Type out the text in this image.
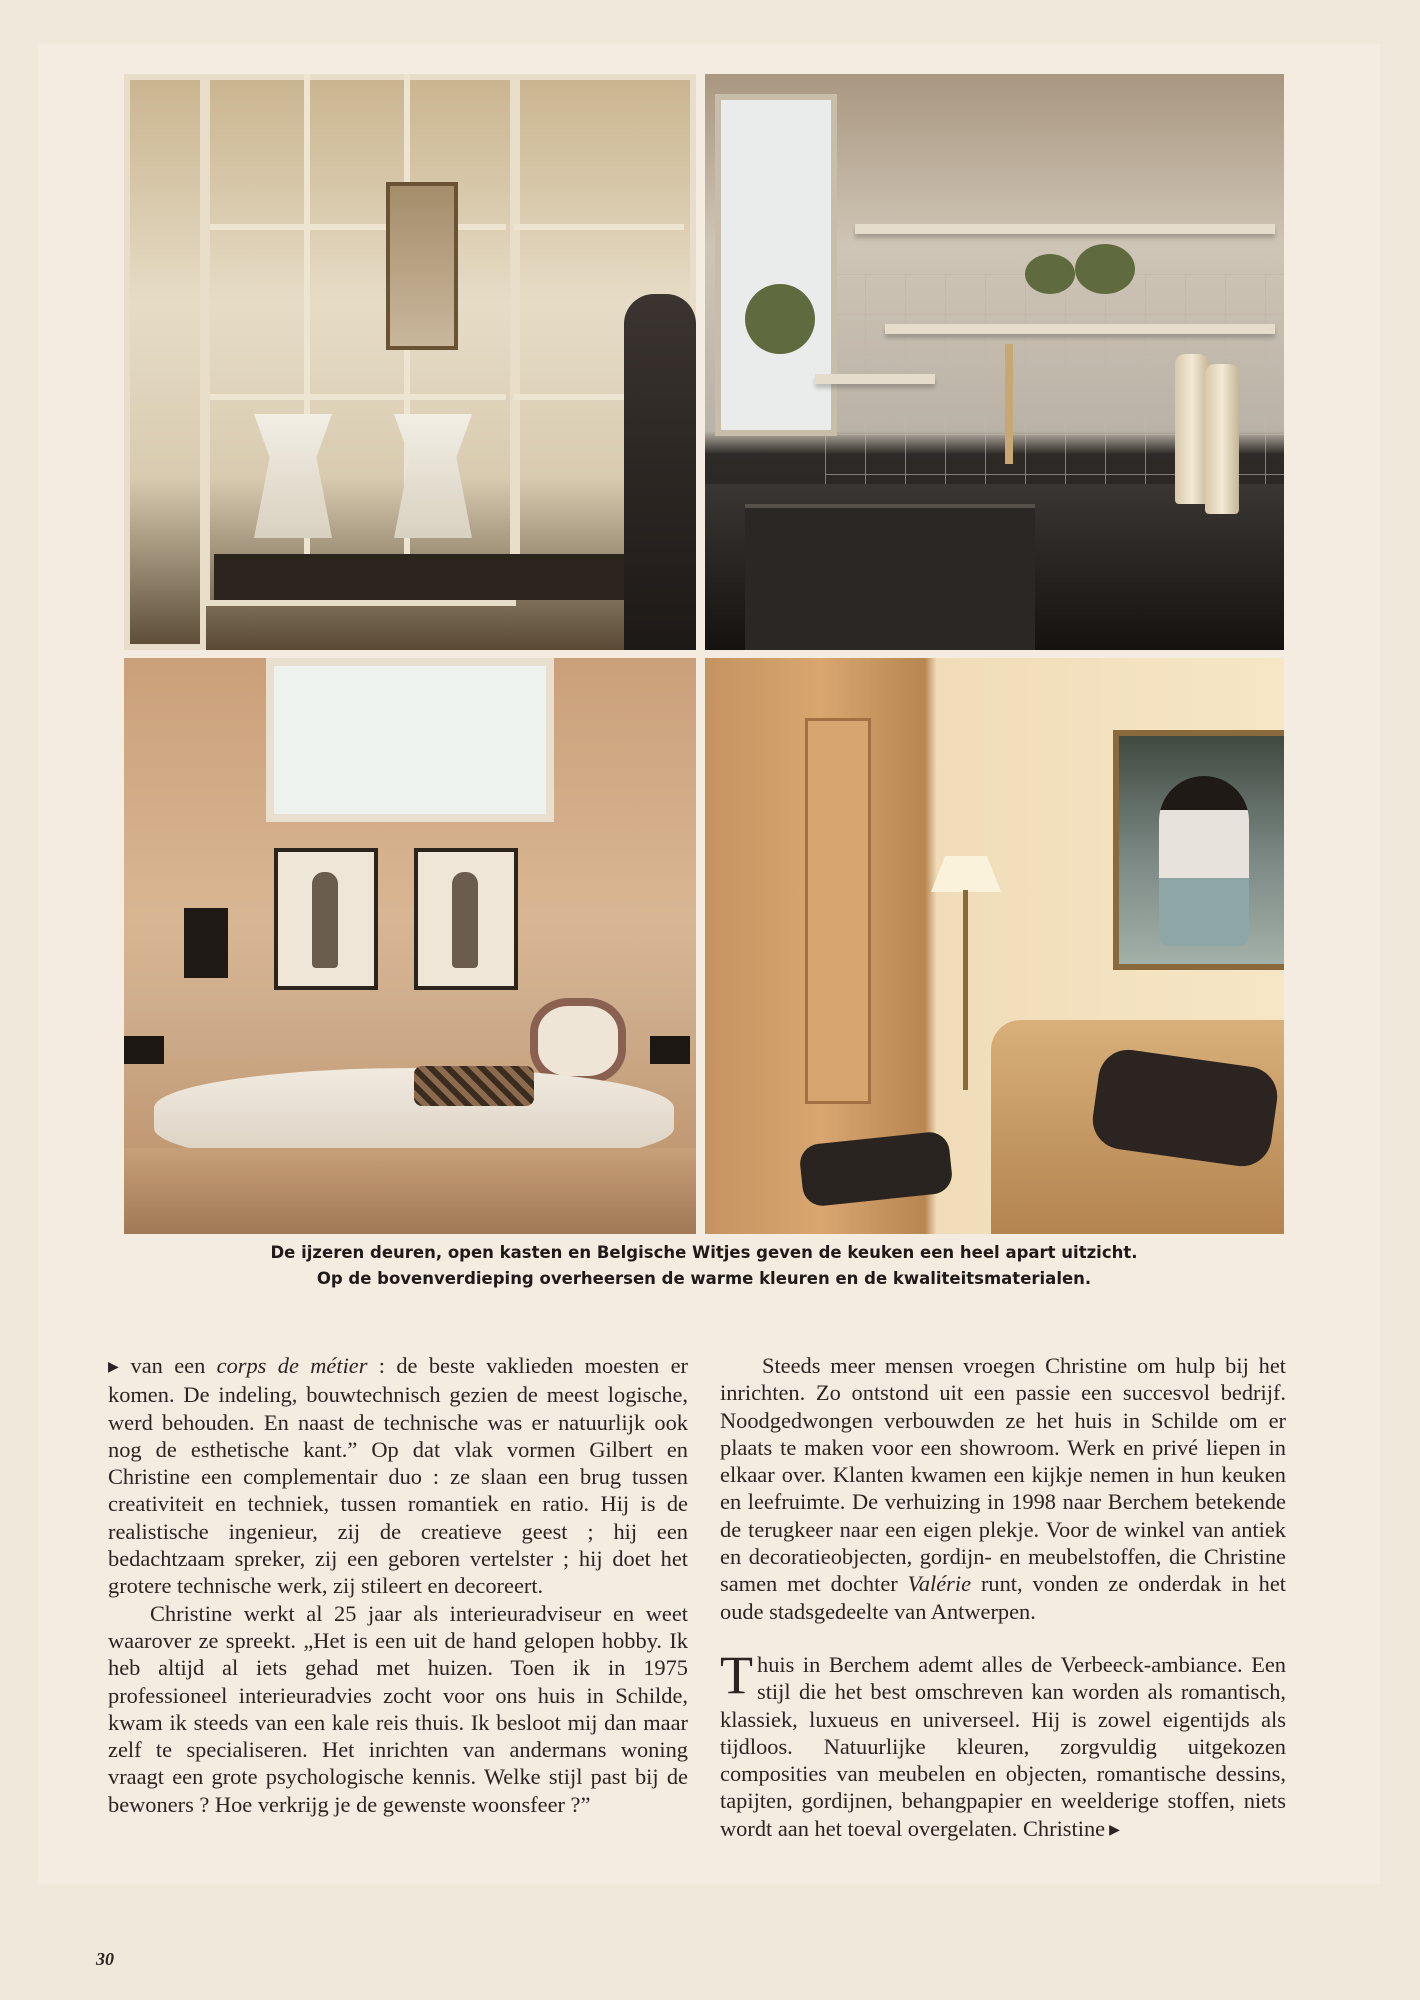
De ijzeren deuren, open kasten en Belgische Witjes geven de keuken een heel apart uitzicht.
Op de bovenverdieping overheersen de warme kleuren en de kwaliteitsmaterialen.

▶ van een corps de métier : de beste vaklieden moesten er komen. De indeling, bouwtechnisch gezien de meest logische, werd behouden. En naast de technische was er natuurlijk ook nog de esthetische kant.” Op dat vlak vormen Gilbert en Christine een complementair duo : ze slaan een brug tussen creativiteit en techniek, tussen romantiek en ratio. Hij is de realistische ingenieur, zij de creatieve geest ; hij een bedachtzaam spreker, zij een geboren vertelster ; hij doet het grotere technische werk, zij stileert en decoreert.

Christine werkt al 25 jaar als interieuradviseur en weet waarover ze spreekt. „Het is een uit de hand gelopen hobby. Ik heb altijd al iets gehad met huizen. Toen ik in 1975 professioneel interieuradvies zocht voor ons huis in Schilde, kwam ik steeds van een kale reis thuis. Ik besloot mij dan maar zelf te specialiseren. Het inrichten van andermans woning vraagt een grote psychologische kennis. Welke stijl past bij de bewoners ? Hoe verkrijg je de gewenste woonsfeer ?”

Steeds meer mensen vroegen Christine om hulp bij het inrichten. Zo ontstond uit een passie een succesvol bedrijf. Noodgedwongen verbouwden ze het huis in Schilde om er plaats te maken voor een showroom. Werk en privé liepen in elkaar over. Klanten kwamen een kijkje nemen in hun keuken en leefruimte. De verhuizing in 1998 naar Berchem betekende de terugkeer naar een eigen plekje. Voor de winkel van antiek en decoratieobjecten, gordijn- en meubelstoffen, die Christine samen met dochter Valérie runt, vonden ze onderdak in het oude stadsgedeelte van Antwerpen.

Thuis in Berchem ademt alles de Verbeeck-ambiance. Een stijl die het best omschreven kan worden als romantisch, klassiek, luxueus en universeel. Hij is zowel eigentijds als tijdloos. Natuurlijke kleuren, zorgvuldig uitgekozen composities van meubelen en objecten, romantische dessins, tapijten, gordijnen, behangpapier en weelderige stoffen, niets wordt aan het toeval overgelaten. Christine ▶

30
